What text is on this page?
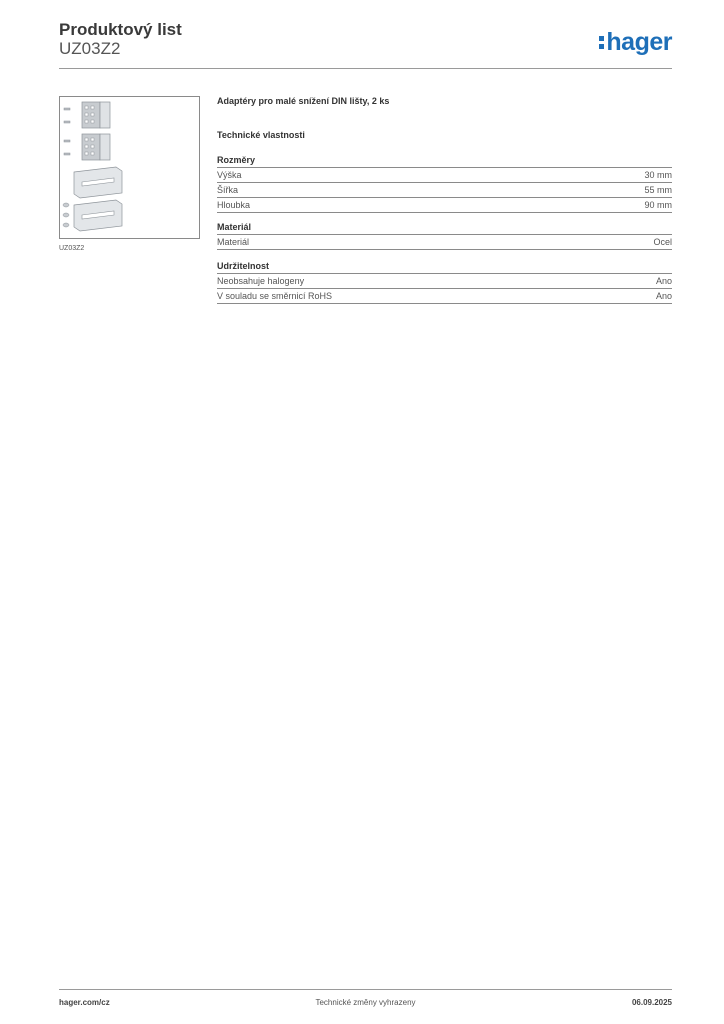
Produktový list
UZ03Z2	hager
UZ03Z2
Adaptéry pro malé snížení DIN lišty, 2 ks
Technické vlastnosti
Rozměry
Výška	30 mm
Šířka	55 mm
Hloubka	90 mm
Materiál
Materiál	Ocel
Udržitelnost
Neobsahuje halogeny	Ano
V souladu se směrnicí RoHS	Ano
hager.com/cz	Technické změny vyhrazeny	06.09.2025
